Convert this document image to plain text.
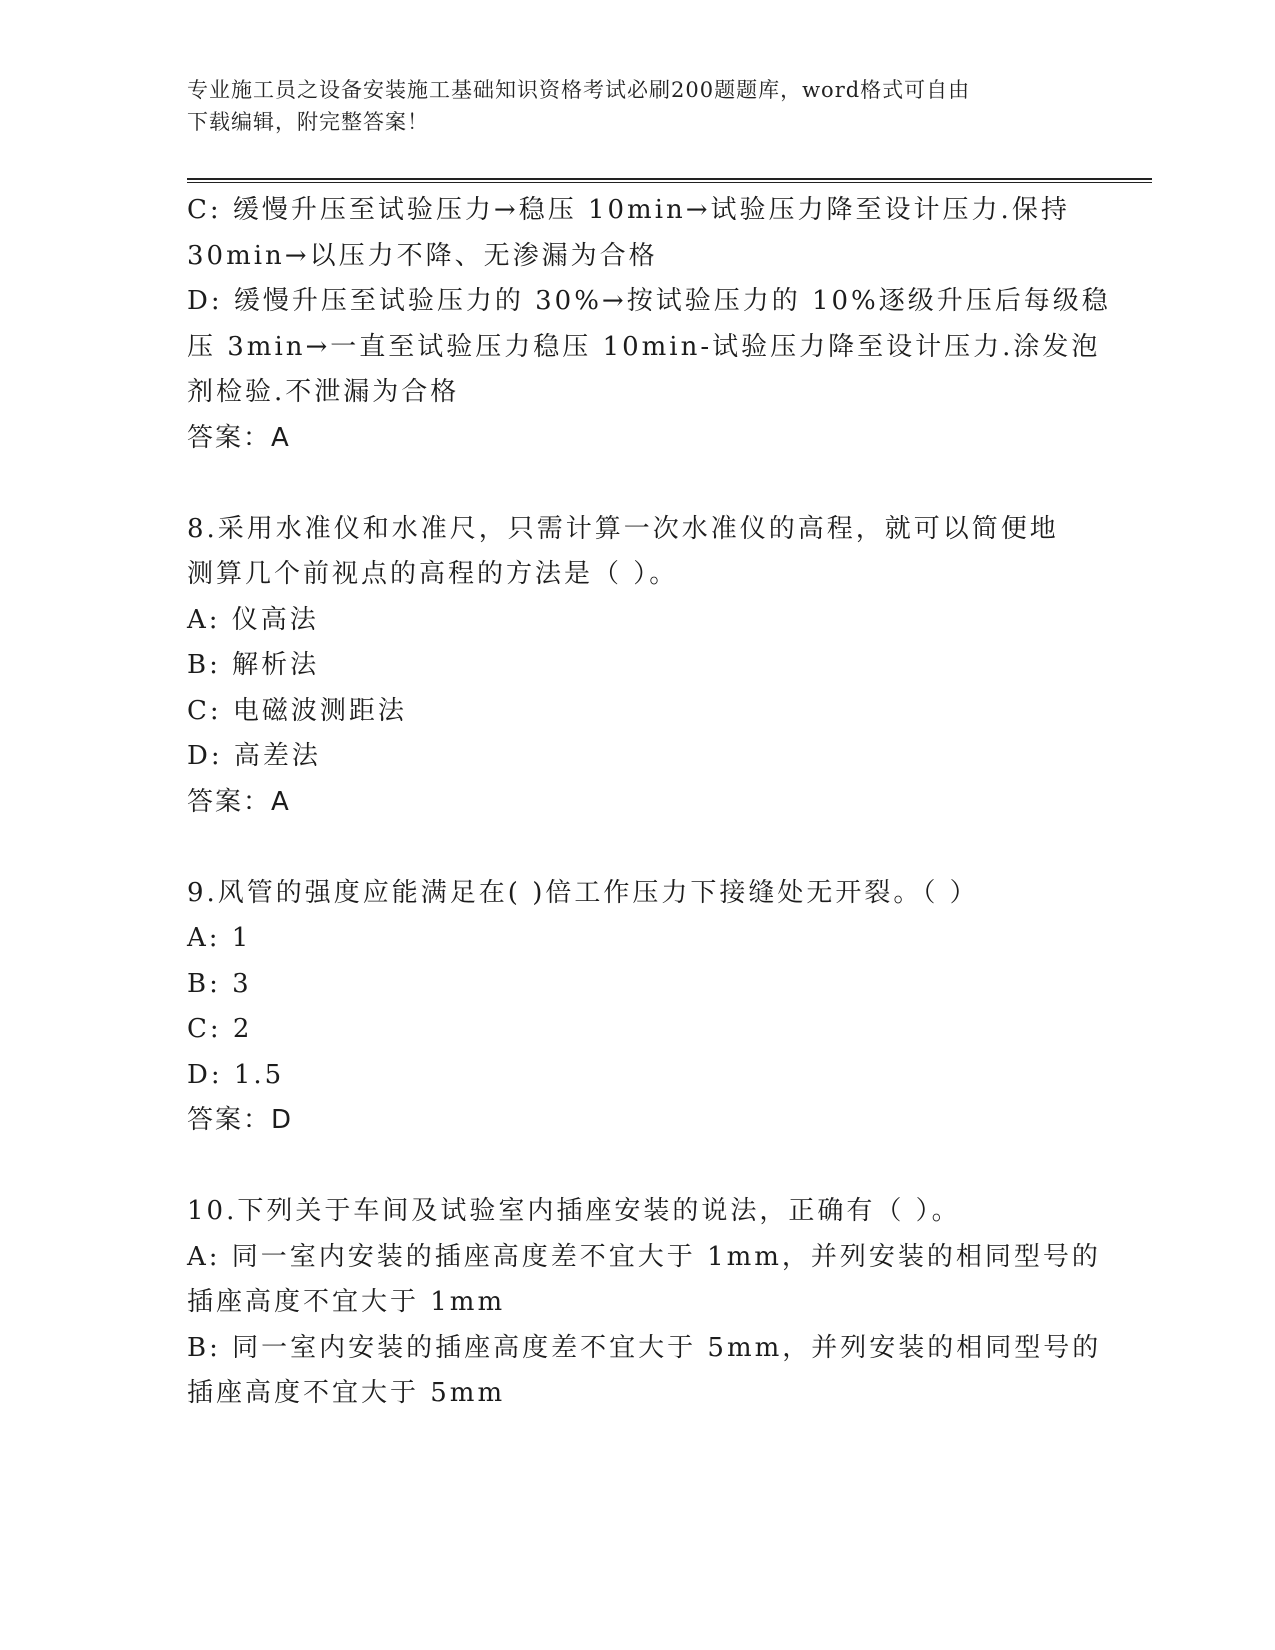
专业施工员之设备安装施工基础知识资格考试必刷200题题库，word格式可自由
下载编辑，附完整答案！
C: 缓慢升压至试验压力→稳压 10min→试验压力降至设计压力.保持
30min→以压力不降、无渗漏为合格
D: 缓慢升压至试验压力的 30%→按试验压力的 10%逐级升压后每级稳
压 3min→一直至试验压力稳压 10min-试验压力降至设计压力.涂发泡
剂检验.不泄漏为合格
答案：A
8.采用水准仪和水准尺，只需计算一次水准仪的高程，就可以简便地
测算几个前视点的高程的方法是（ ）。
A: 仪高法
B: 解析法
C: 电磁波测距法
D: 高差法
答案：A
9.风管的强度应能满足在( )倍工作压力下接缝处无开裂。（ ）
A: 1
B: 3
C: 2
D: 1.5
答案：D
10.下列关于车间及试验室内插座安装的说法，正确有（ ）。
A: 同一室内安装的插座高度差不宜大于 1mm，并列安装的相同型号的
插座高度不宜大于 1mm
B: 同一室内安装的插座高度差不宜大于 5mm，并列安装的相同型号的
插座高度不宜大于 5mm
